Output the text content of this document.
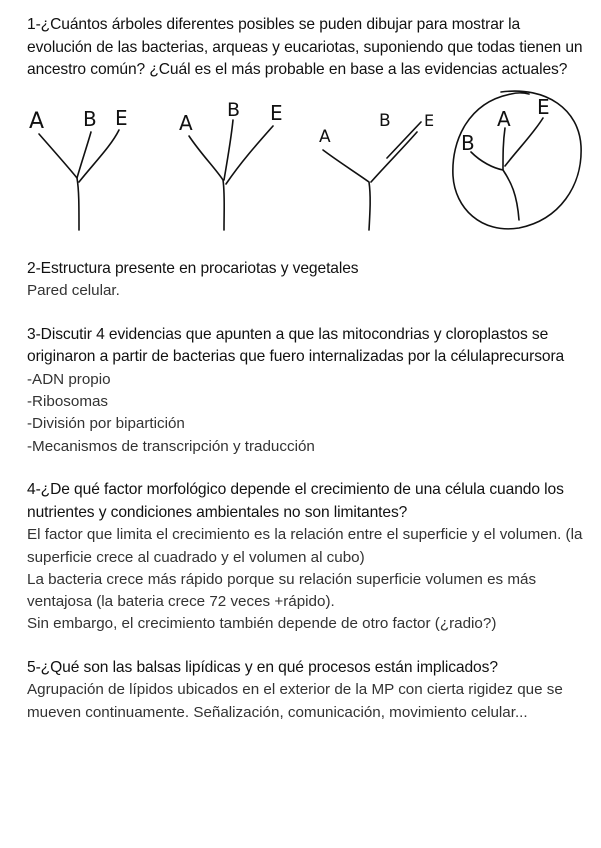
1-¿Cuántos árboles diferentes posibles se puden dibujar para mostrar la evolución de las bacterias, arqueas y eucariotas, suponiendo que todas tienen un ancestro común? ¿Cuál es el más probable en base a las evidencias actuales?
A B E	A
B E
A
B E
B
A E
2-Estructura presente en procariotas y vegetales
Pared celular.
3-Discutir 4 evidencias que apunten a que las mitocondrias y cloroplastos se originaron a partir de bacterias que fuero internalizadas por la célulaprecursora
-ADN propio
-Ribosomas
-División por bipartición
-Mecanismos de transcripción y traducción
4-¿De qué factor morfológico depende el crecimiento de una célula cuando los nutrientes y condiciones ambientales no son limitantes?
El factor que limita el crecimiento es la relación entre el superficie y el volumen. (la superficie crece al cuadrado y el volumen al cubo)
La bacteria crece más rápido porque su relación superficie volumen es más ventajosa (la bateria crece 72 veces +rápido).
Sin embargo, el crecimiento también depende de otro factor (¿radio?)
5-¿Qué son las balsas lipídicas y en qué procesos están implicados?
Agrupación de lípidos ubicados en el exterior de la MP con cierta rigidez que se mueven continuamente. Señalización, comunicación, movimiento celular...
